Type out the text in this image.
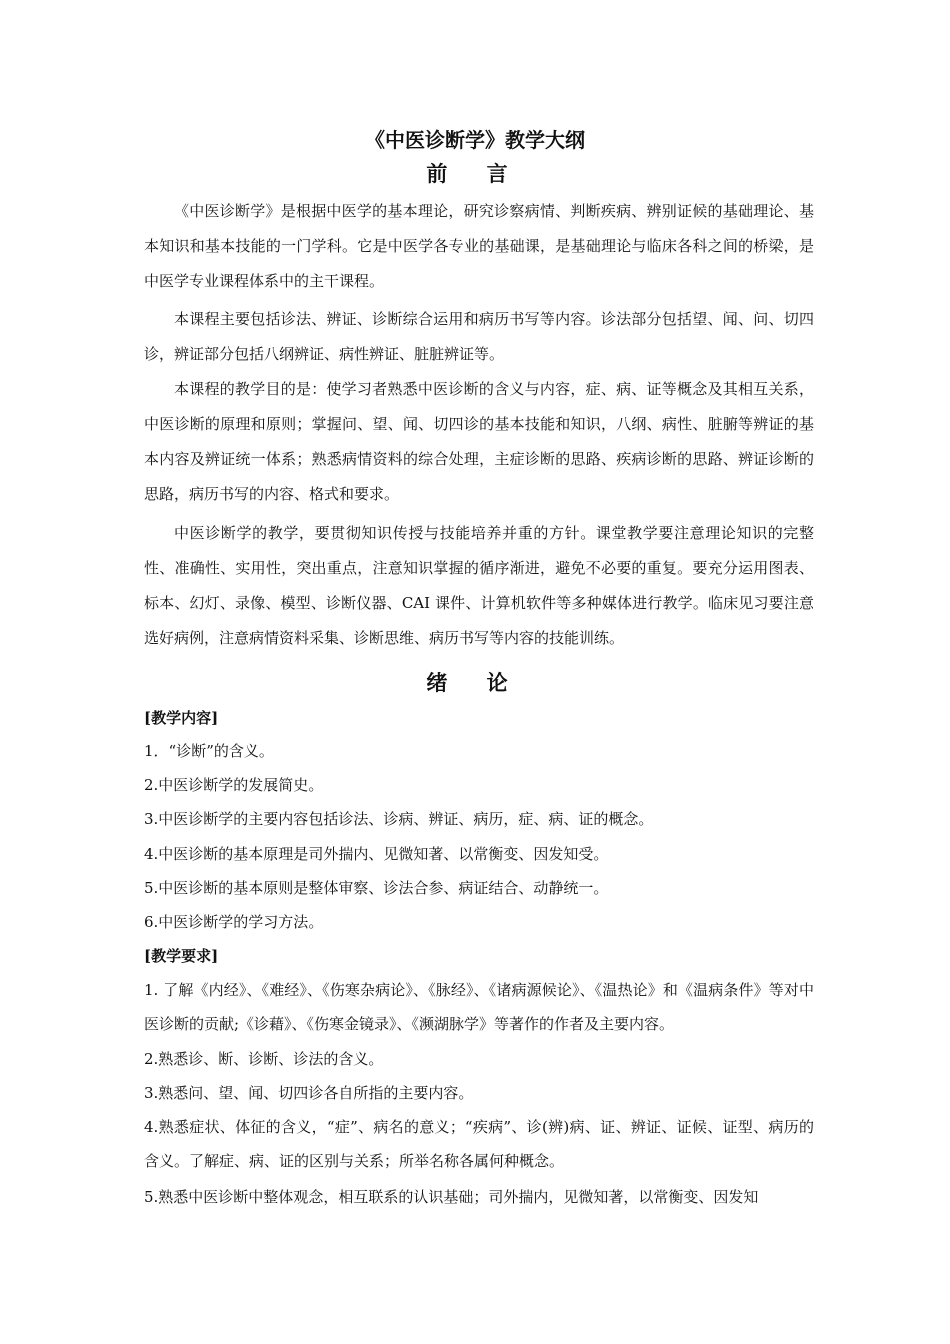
《中医诊断学》教学大纲
前 言

《中医诊断学》是根据中医学的基本理论，研究诊察病情、判断疾病、辨别证候的基础理论、基本知识和基本技能的一门学科。它是中医学各专业的基础课，是基础理论与临床各科之间的桥梁，是中医学专业课程体系中的主干课程。

本课程主要包括诊法、辨证、诊断综合运用和病历书写等内容。诊法部分包括望、闻、问、切四诊，辨证部分包括八纲辨证、病性辨证、脏脏辨证等。

本课程的教学目的是：使学习者熟悉中医诊断的含义与内容，症、病、证等概念及其相互关系，中医诊断的原理和原则；掌握问、望、闻、切四诊的基本技能和知识，八纲、病性、脏腑等辨证的基本内容及辨证统一体系；熟悉病情资料的综合处理，主症诊断的思路、疾病诊断的思路、辨证诊断的思路，病历书写的内容、格式和要求。

中医诊断学的教学，要贯彻知识传授与技能培养并重的方针。课堂教学要注意理论知识的完整性、准确性、实用性，突出重点，注意知识掌握的循序渐进，避免不必要的重复。要充分运用图表、标本、幻灯、录像、模型、诊断仪器、CAI 课件、计算机软件等多种媒体进行教学。临床见习要注意选好病例，注意病情资料采集、诊断思维、病历书写等内容的技能训练。

绪 论

[教学内容]

1．“诊断”的含义。

2.中医诊断学的发展简史。

3.中医诊断学的主要内容包括诊法、诊病、辨证、病历，症、病、证的概念。

4.中医诊断的基本原理是司外揣内、见微知著、以常衡变、因发知受。

5.中医诊断的基本原则是整体审察、诊法合参、病证结合、动静统一。

6.中医诊断学的学习方法。

[教学要求]

1. 了解《内经》、《难经》、《伤寒杂病论》、《脉经》、《诸病源候论》、《温热论》和《温病条件》等对中医诊断的贡献;《诊藉》、《伤寒金镜录》、《濒湖脉学》等著作的作者及主要内容。

2.熟悉诊、断、诊断、诊法的含义。

3.熟悉问、望、闻、切四诊各自所指的主要内容。

4.熟悉症状、体征的含义，“症”、病名的意义；“疾病”、诊(辨)病、证、辨证、证候、证型、病历的含义。了解症、病、证的区别与关系；所举名称各属何种概念。

5.熟悉中医诊断中整体观念，相互联系的认识基础；司外揣内，见微知著，以常衡变、因发知
